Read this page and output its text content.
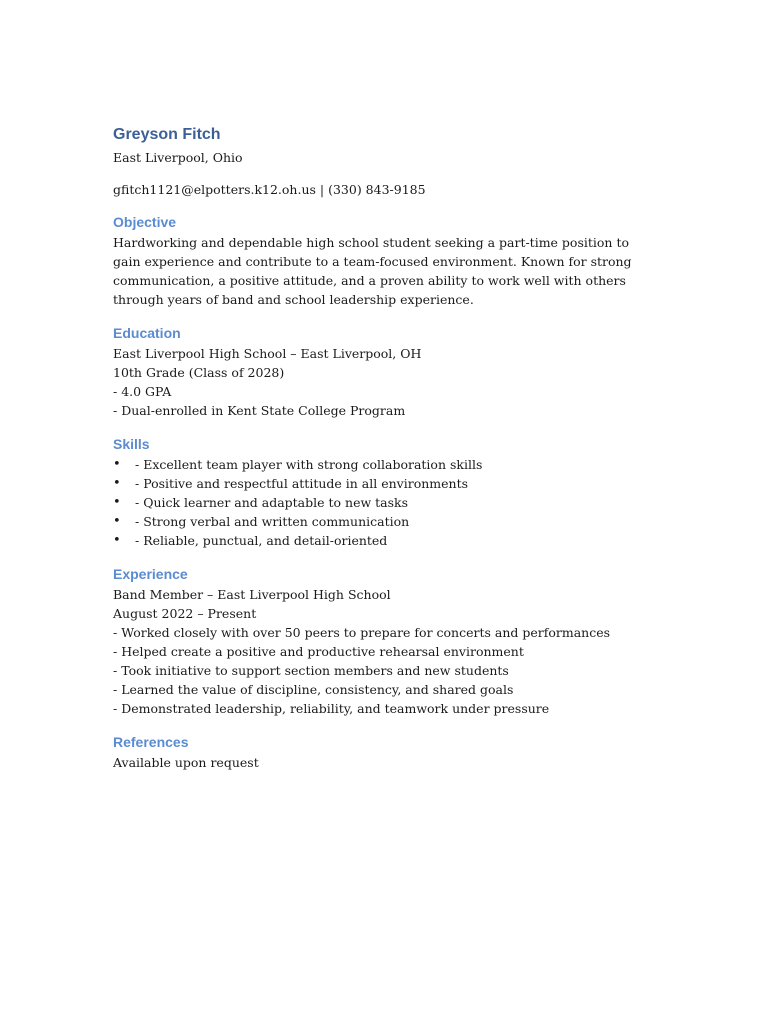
Greyson Fitch

East Liverpool, Ohio

gfitch1121@elpotters.k12.oh.us | (330) 843-9185

Objective

Hardworking and dependable high school student seeking a part-time position to gain experience and contribute to a team-focused environment. Known for strong communication, a positive attitude, and a proven ability to work well with others through years of band and school leadership experience.

Education

East Liverpool High School – East Liverpool, OH

10th Grade (Class of 2028)

- 4.0 GPA

- Dual-enrolled in Kent State College Program

Skills

• - Excellent team player with strong collaboration skills
• - Positive and respectful attitude in all environments
• - Quick learner and adaptable to new tasks
• - Strong verbal and written communication
• - Reliable, punctual, and detail-oriented

Experience

Band Member – East Liverpool High School

August 2022 – Present

- Worked closely with over 50 peers to prepare for concerts and performances

- Helped create a positive and productive rehearsal environment

- Took initiative to support section members and new students

- Learned the value of discipline, consistency, and shared goals

- Demonstrated leadership, reliability, and teamwork under pressure

References

Available upon request
